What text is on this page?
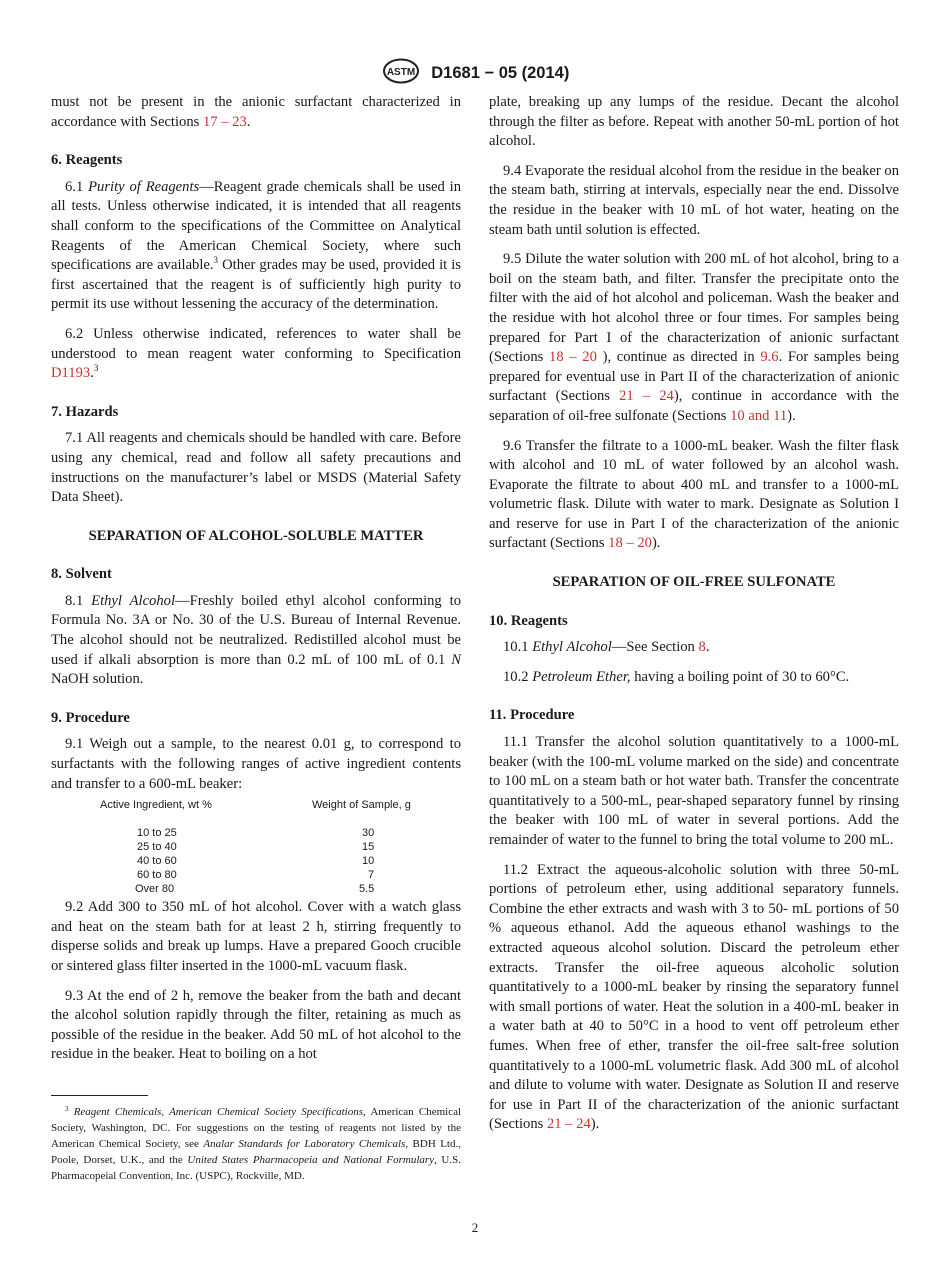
ASTM D1681 − 05 (2014)

must not be present in the anionic surfactant characterized in accordance with Sections 17 – 23.

6. Reagents

6.1 Purity of Reagents—Reagent grade chemicals shall be used in all tests. Unless otherwise indicated, it is intended that all reagents shall conform to the specifications of the Committee on Analytical Reagents of the American Chemical Society, where such specifications are available.$^3$ Other grades may be used, provided it is first ascertained that the reagent is of sufficiently high purity to permit its use without lessening the accuracy of the determination.

6.2 Unless otherwise indicated, references to water shall be understood to mean reagent water conforming to Specification D1193.$^3$

7. Hazards

7.1 All reagents and chemicals should be handled with care. Before using any chemical, read and follow all safety precautions and instructions on the manufacturer’s label or MSDS (Material Safety Data Sheet).

SEPARATION OF ALCOHOL-SOLUBLE MATTER
8. Solvent

8.1 Ethyl Alcohol—Freshly boiled ethyl alcohol conforming to Formula No. 3A or No. 30 of the U.S. Bureau of Internal Revenue. The alcohol should not be neutralized. Redistilled alcohol must be used if alkali absorption is more than 0.2 mL of 100 mL of 0.1 N NaOH solution.

9. Procedure

9.1 Weigh out a sample, to the nearest 0.01 g, to correspond to surfactants with the following ranges of active ingredient contents and transfer to a 600-mL beaker:

Active Ingredient, wt %	Weight of Sample, g
10 to 25	30
25 to 40	15
40 to 60	10
60 to 80	7
Over 80	5.5

9.2 Add 300 to 350 mL of hot alcohol. Cover with a watch glass and heat on the steam bath for at least 2 h, stirring frequently to disperse solids and break up lumps. Have a prepared Gooch crucible or sintered glass filter inserted in the 1000-mL vacuum flask.

9.3 At the end of 2 h, remove the beaker from the bath and decant the alcohol solution rapidly through the filter, retaining as much as possible of the residue in the beaker. Add 50 mL of hot alcohol to the residue in the beaker. Heat to boiling on a hot

$^3$ Reagent Chemicals, American Chemical Society Specifications, American Chemical Society, Washington, DC. For suggestions on the testing of reagents not listed by the American Chemical Society, see Analar Standards for Laboratory Chemicals, BDH Ltd., Poole, Dorset, U.K., and the United States Pharmacopeia and National Formulary, U.S. Pharmacopeial Convention, Inc. (USPC), Rockville, MD.

plate, breaking up any lumps of the residue. Decant the alcohol through the filter as before. Repeat with another 50-mL portion of hot alcohol.

9.4 Evaporate the residual alcohol from the residue in the beaker on the steam bath, stirring at intervals, especially near the end. Dissolve the residue in the beaker with 10 mL of hot water, heating on the steam bath until solution is effected.

9.5 Dilute the water solution with 200 mL of hot alcohol, bring to a boil on the steam bath, and filter. Transfer the precipitate onto the filter with the aid of hot alcohol and policeman. Wash the beaker and the residue with hot alcohol three or four times. For samples being prepared for Part I of the characterization of anionic surfactant (Sections 18 – 20 ), continue as directed in 9.6. For samples being prepared for eventual use in Part II of the characterization of anionic surfactant (Sections 21 – 24), continue in accordance with the separation of oil-free sulfonate (Sections 10 and 11).

9.6 Transfer the filtrate to a 1000-mL beaker. Wash the filter flask with alcohol and 10 mL of water followed by an alcohol wash. Evaporate the filtrate to about 400 mL and transfer to a 1000-mL volumetric flask. Dilute with water to mark. Designate as Solution I and reserve for use in Part I of the characterization of the anionic surfactant (Sections 18 – 20).

SEPARATION OF OIL-FREE SULFONATE
10. Reagents

10.1 Ethyl Alcohol—See Section 8.

10.2 Petroleum Ether, having a boiling point of 30 to 60°C.

11. Procedure

11.1 Transfer the alcohol solution quantitatively to a 1000-mL beaker (with the 100-mL volume marked on the side) and concentrate to 100 mL on a steam bath or hot water bath. Transfer the concentrate quantitatively to a 500-mL, pear-shaped separatory funnel by rinsing the beaker with 100 mL of water in several portions. Add the remainder of water to the funnel to bring the total volume to 200 mL.

11.2 Extract the aqueous-alcoholic solution with three 50-mL portions of petroleum ether, using additional separatory funnels. Combine the ether extracts and wash with 3 to 50- mL portions of 50 % aqueous ethanol. Add the aqueous ethanol washings to the extracted aqueous alcohol solution. Discard the petroleum ether extracts. Transfer the oil-free aqueous alcoholic solution quantitatively to a 1000-mL beaker by rinsing the separatory funnel with small portions of water. Heat the solution in a 400-mL beaker in a water bath at 40 to 50°C in a hood to vent off petroleum ether fumes. When free of ether, transfer the oil-free salt-free solution quantitatively to a 1000-mL volumetric flask. Add 300 mL of alcohol and dilute to volume with water. Designate as Solution II and reserve for use in Part II of the characterization of the anionic surfactant (Sections 21 – 24).

2
